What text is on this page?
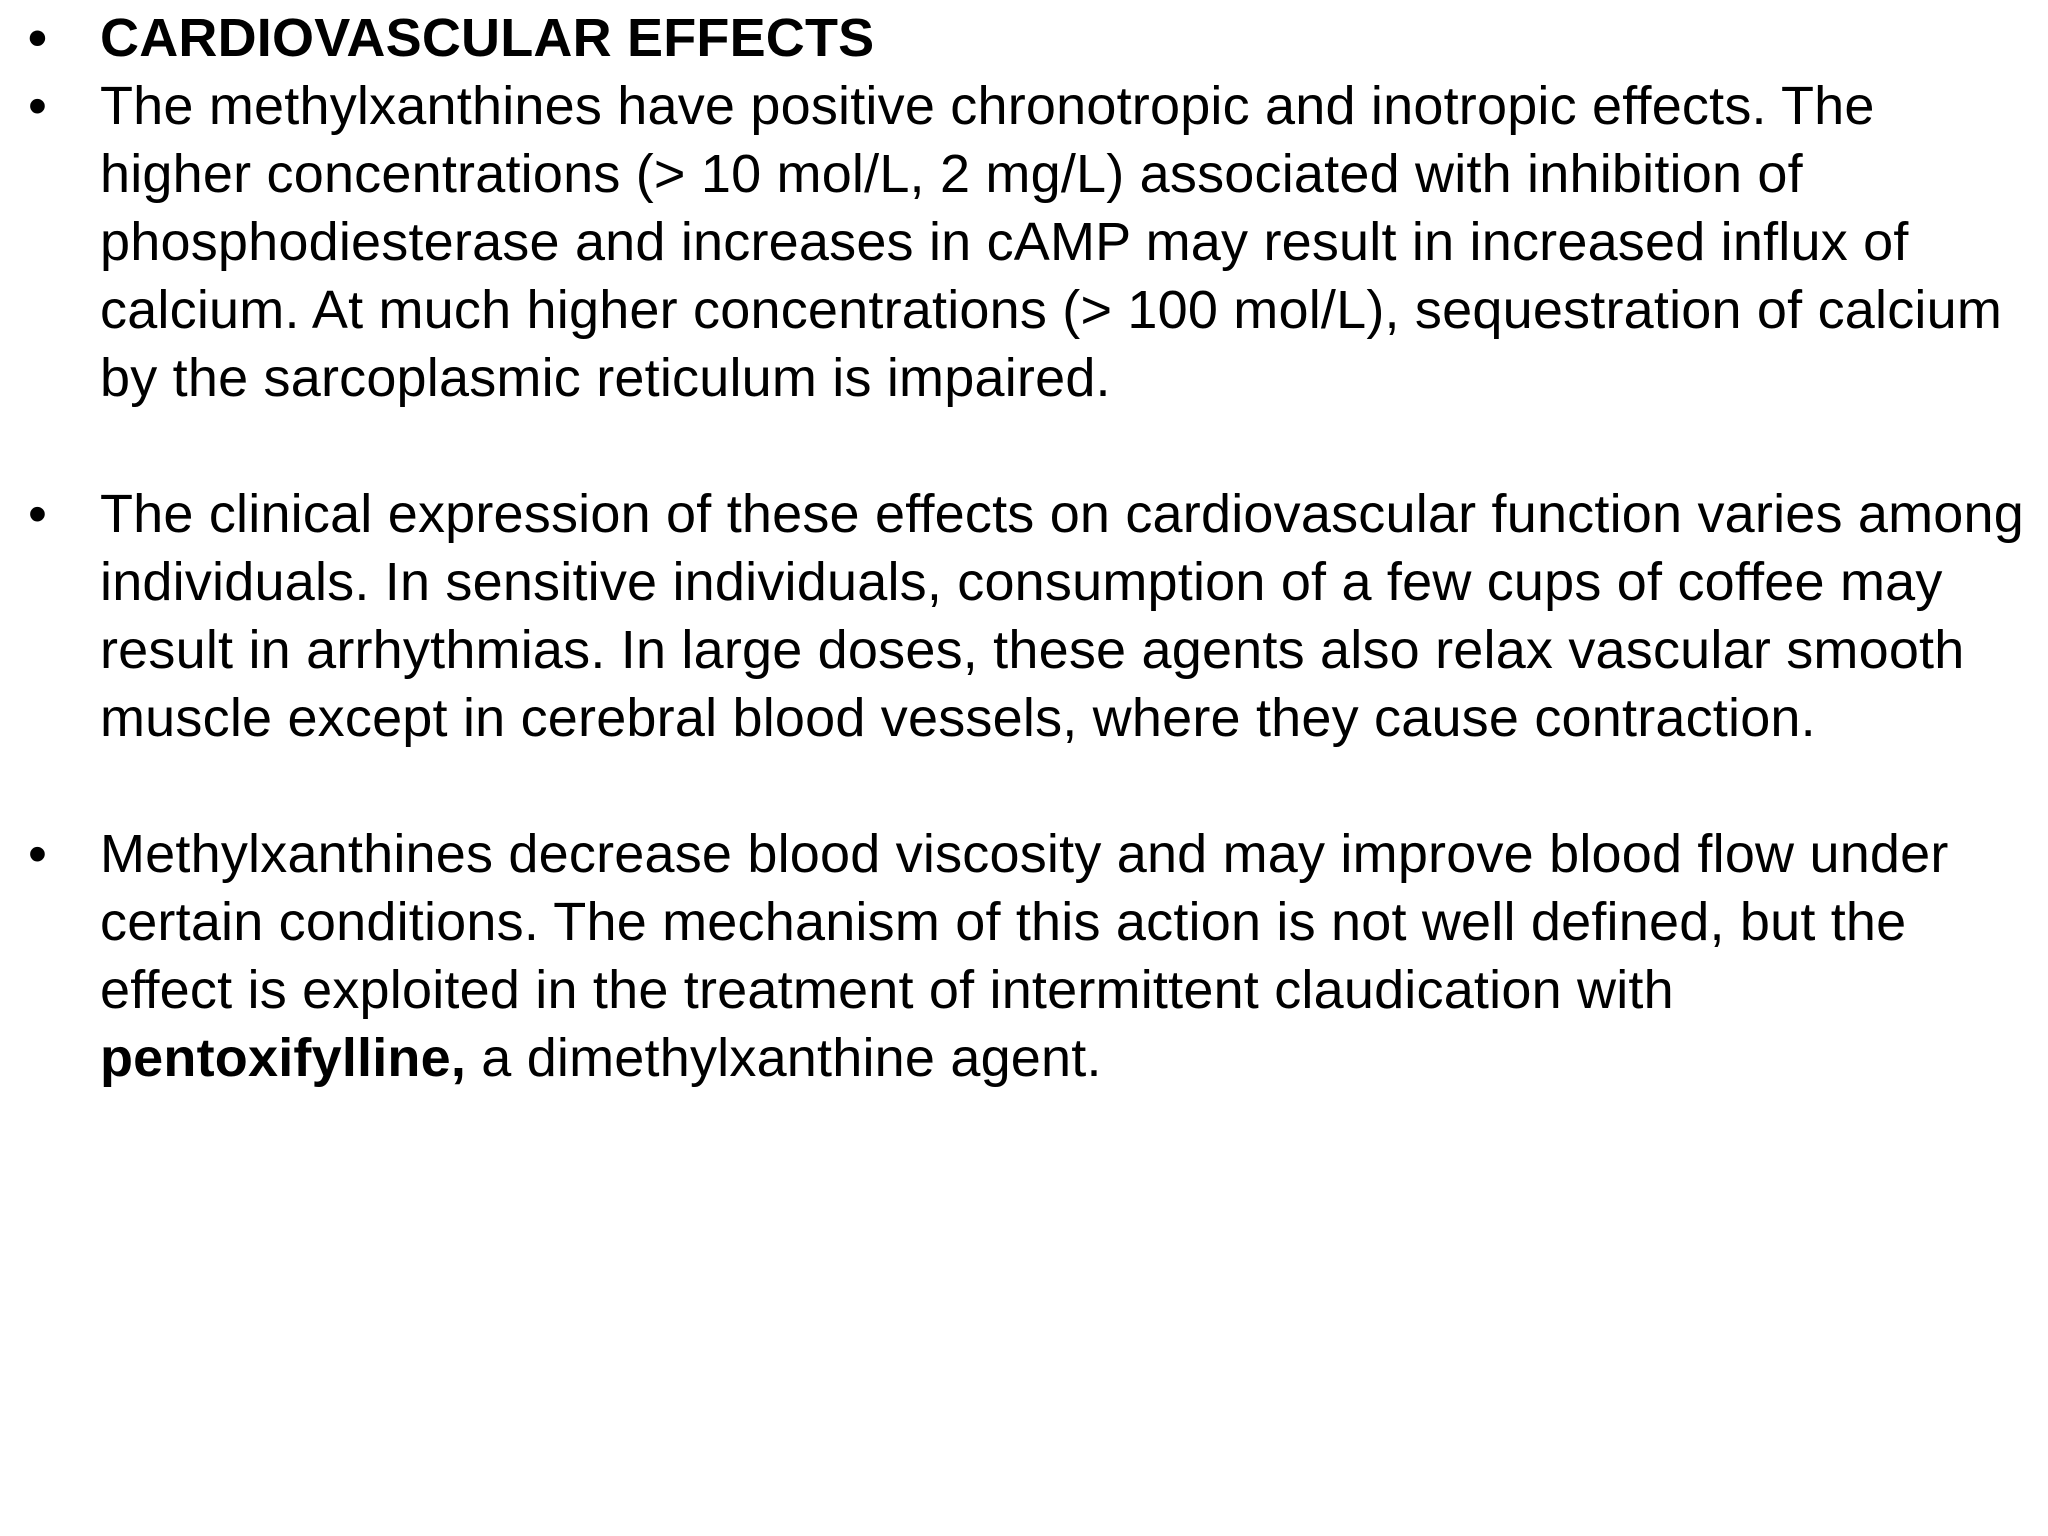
• CARDIOVASCULAR EFFECTS
• The methylxanthines have positive chronotropic and inotropic effects. The higher concentrations (> 10 mol/L, 2 mg/L) associated with inhibition of phosphodiesterase and increases in cAMP may result in increased influx of calcium. At much higher concentrations (> 100 mol/L), sequestration of calcium by the sarcoplasmic reticulum is impaired.
• The clinical expression of these effects on cardiovascular function varies among individuals. In sensitive individuals, consumption of a few cups of coffee may result in arrhythmias. In large doses, these agents also relax vascular smooth muscle except in cerebral blood vessels, where they cause contraction.
• Methylxanthines decrease blood viscosity and may improve blood flow under certain conditions. The mechanism of this action is not well defined, but the effect is exploited in the treatment of intermittent claudication with pentoxifylline, a dimethylxanthine agent.
